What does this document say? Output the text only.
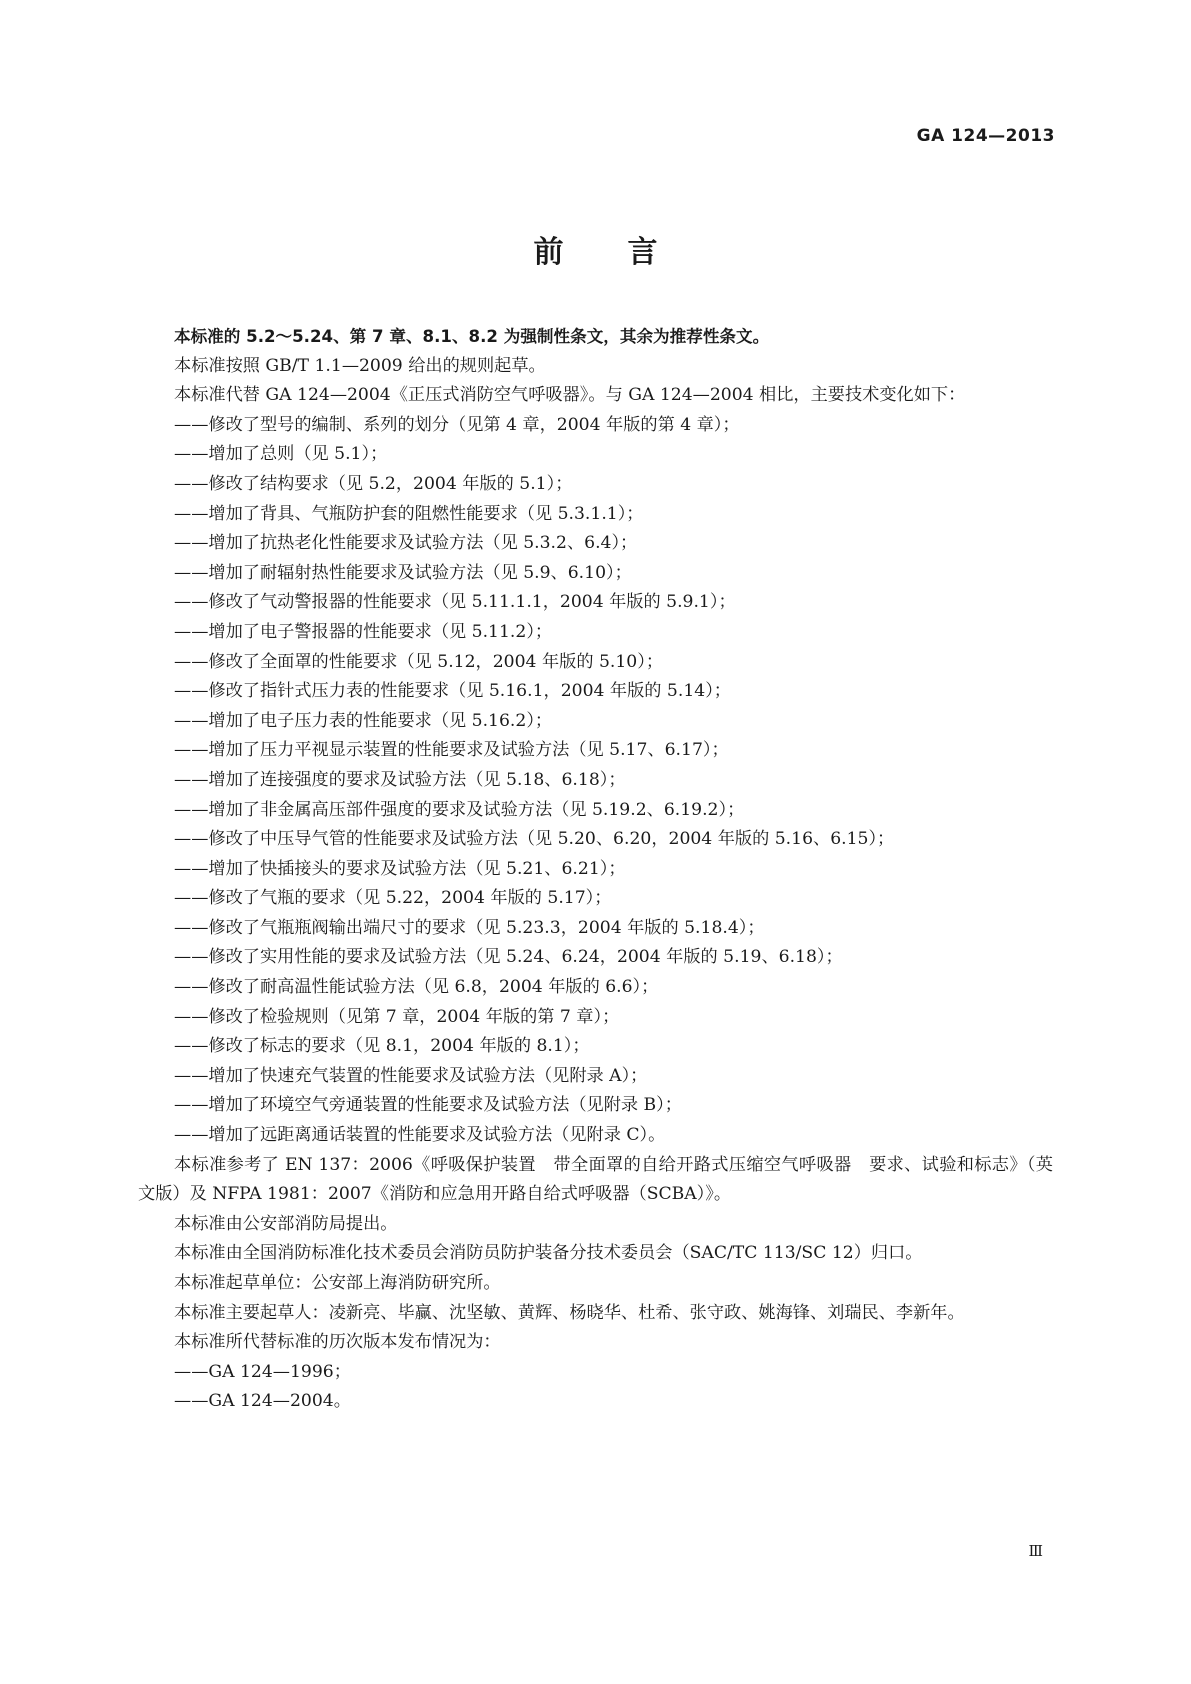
GA 124—2013
前 言

本标准的 5.2～5.24、第 7 章、8.1、8.2 为强制性条文，其余为推荐性条文。

本标准按照 GB/T 1.1—2009 给出的规则起草。

本标准代替 GA 124—2004《正压式消防空气呼吸器》。与 GA 124—2004 相比，主要技术变化如下：

——修改了型号的编制、系列的划分（见第 4 章，2004 年版的第 4 章）；

——增加了总则（见 5.1）；

——修改了结构要求（见 5.2，2004 年版的 5.1）；

——增加了背具、气瓶防护套的阻燃性能要求（见 5.3.1.1）；

——增加了抗热老化性能要求及试验方法（见 5.3.2、6.4）；

——增加了耐辐射热性能要求及试验方法（见 5.9、6.10）；

——修改了气动警报器的性能要求（见 5.11.1.1，2004 年版的 5.9.1）；

——增加了电子警报器的性能要求（见 5.11.2）；

——修改了全面罩的性能要求（见 5.12，2004 年版的 5.10）；

——修改了指针式压力表的性能要求（见 5.16.1，2004 年版的 5.14）；

——增加了电子压力表的性能要求（见 5.16.2）；

——增加了压力平视显示装置的性能要求及试验方法（见 5.17、6.17）；

——增加了连接强度的要求及试验方法（见 5.18、6.18）；

——增加了非金属高压部件强度的要求及试验方法（见 5.19.2、6.19.2）；

——修改了中压导气管的性能要求及试验方法（见 5.20、6.20，2004 年版的 5.16、6.15）；

——增加了快插接头的要求及试验方法（见 5.21、6.21）；

——修改了气瓶的要求（见 5.22，2004 年版的 5.17）；

——修改了气瓶瓶阀输出端尺寸的要求（见 5.23.3，2004 年版的 5.18.4）；

——修改了实用性能的要求及试验方法（见 5.24、6.24，2004 年版的 5.19、6.18）；

——修改了耐高温性能试验方法（见 6.8，2004 年版的 6.6）；

——修改了检验规则（见第 7 章，2004 年版的第 7 章）；

——修改了标志的要求（见 8.1，2004 年版的 8.1）；

——增加了快速充气装置的性能要求及试验方法（见附录 A）；

——增加了环境空气旁通装置的性能要求及试验方法（见附录 B）；

——增加了远距离通话装置的性能要求及试验方法（见附录 C）。

本标准参考了 EN 137：2006《呼吸保护装置　带全面罩的自给开路式压缩空气呼吸器　要求、试验和标志》（英文版）及 NFPA 1981：2007《消防和应急用开路自给式呼吸器（SCBA）》。

本标准由公安部消防局提出。

本标准由全国消防标准化技术委员会消防员防护装备分技术委员会（SAC/TC 113/SC 12）归口。

本标准起草单位：公安部上海消防研究所。

本标准主要起草人：凌新亮、毕赢、沈坚敏、黄辉、杨晓华、杜希、张守政、姚海锋、刘瑞民、李新年。

本标准所代替标准的历次版本发布情况为：

——GA 124—1996；

——GA 124—2004。

Ⅲ
